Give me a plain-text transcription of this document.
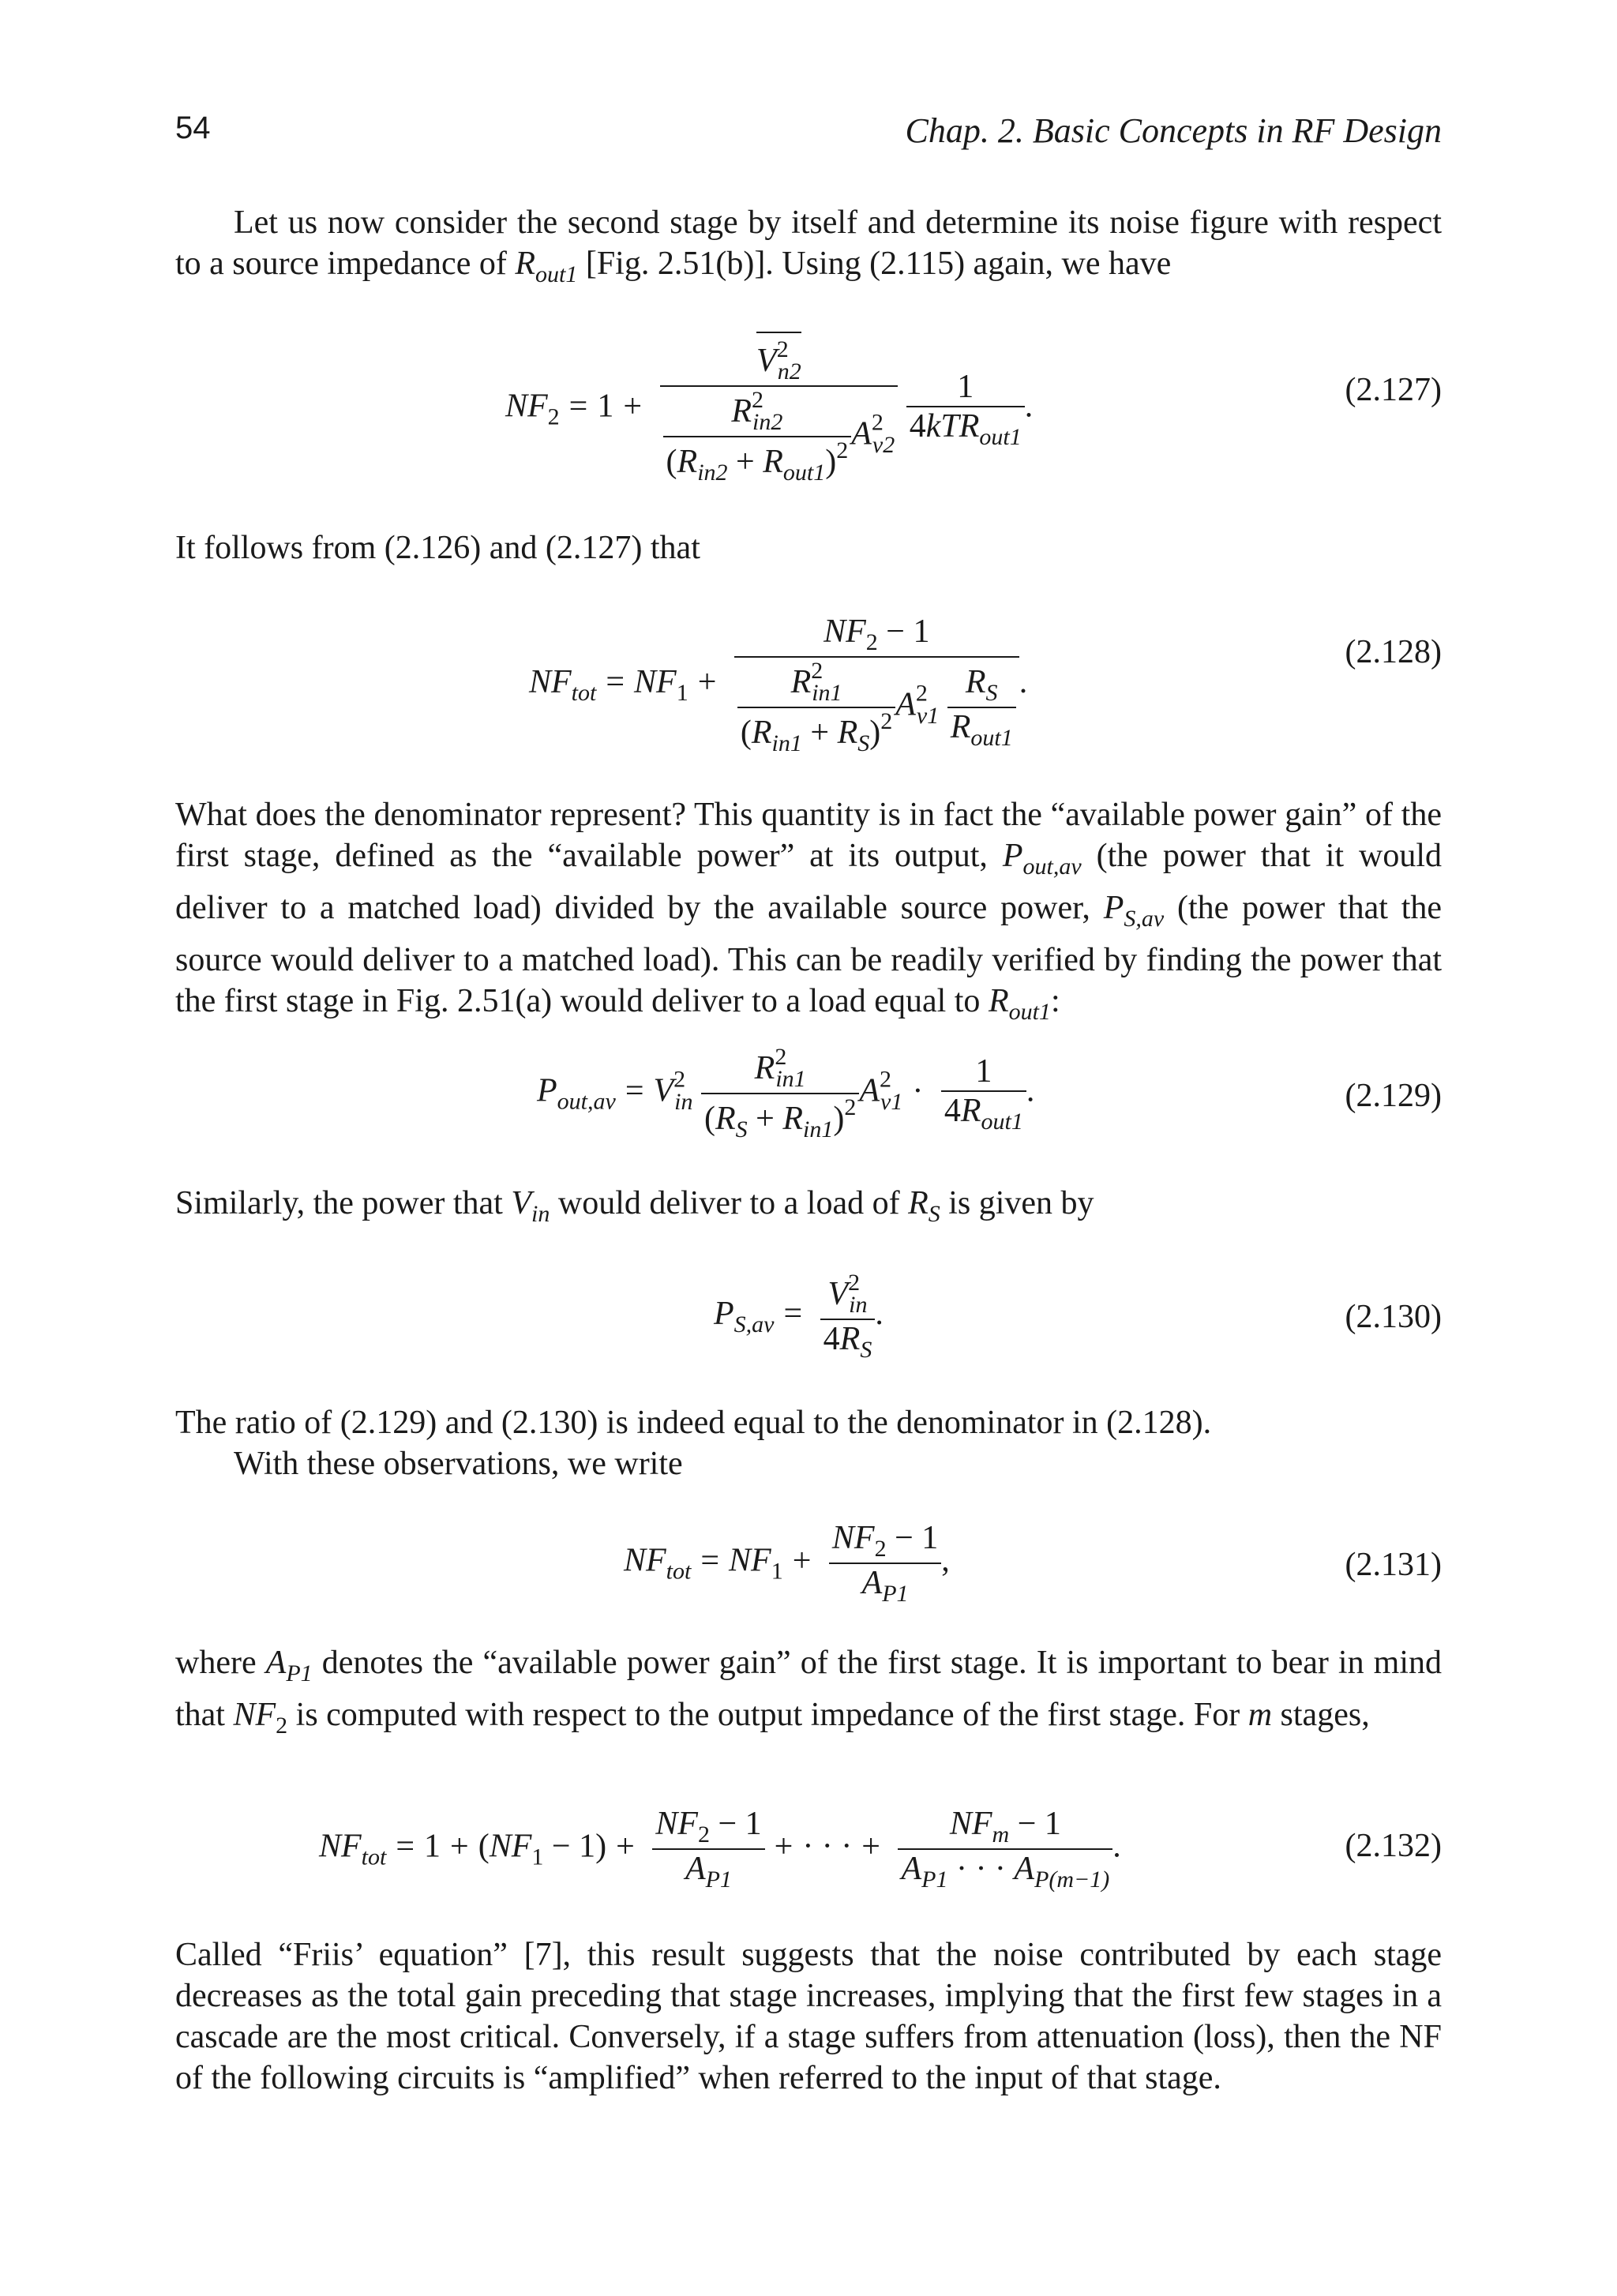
54	Chap. 2. Basic Concepts in RF Design
Let us now consider the second stage by itself and determine its noise figure with respect to a source impedance of $R_{out1}$ [Fig. 2.51(b)]. Using (2.115) again, we have
$NF_2 = 1 + \frac{V^2_{n2}}{\frac{R^2_{in2}}{(R_{in2} + R_{out1})^2} A^2_{v2}}$
$\frac{1}{4kTR_{out1}}$ .	(2.127)
It follows from (2.126) and (2.127) that
$NF_{tot} = NF_1 + \frac{NF_2 - 1}{\frac{R^2_{in1}}{(R_{in1} + R_S)^2} A^2_{v1} \frac{R_S}{R_{out1}}}$ .
(2.128)
What does the denominator represent? This quantity is in fact the “available power gain” of the first stage, defined as the “available power” at its output, $P_{out,av}$ (the power that it would deliver to a matched load) divided by the available source power, $P_{S,av}$ (the power that the source would deliver to a matched load). This can be readily verified by finding the power that the first stage in Fig. 2.51(a) would deliver to a load equal to $R_{out1}$:
$P_{out,av} = V^2_{in} \frac{R^2_{in1}}{(R_S + R_{in1})^2} A^2_{v1} \cdot \frac{1}{4R_{out1}}$ .	(2.129)
Similarly, the power that $V_{in}$ would deliver to a load of $R_S$ is given by
$P_{S,av} = \frac{V^2_{in}}{4R_S}$ .	(2.130)
The ratio of (2.129) and (2.130) is indeed equal to the denominator in (2.128).
With these observations, we write
$NF_{tot} = NF_1 + \frac{NF_2 - 1}{A_{P1}}$ ,	(2.131)
where $A_{P1}$ denotes the “available power gain” of the first stage. It is important to bear in mind that $NF_2$ is computed with respect to the output impedance of the first stage. For m stages,
$NF_{tot} = 1 + (NF_1 - 1) + \frac{NF_2 - 1}{A_{P1}}$ + · · · + $\frac{NF_m - 1}{A_{P1} \cdot \cdot \cdot A_{P(m-1)}}$ .	(2.132)
Called “Friis’ equation” [7], this result suggests that the noise contributed by each stage decreases as the total gain preceding that stage increases, implying that the first few stages in a cascade are the most critical. Conversely, if a stage suffers from attenuation (loss), then the NF of the following circuits is “amplified” when referred to the input of that stage.
